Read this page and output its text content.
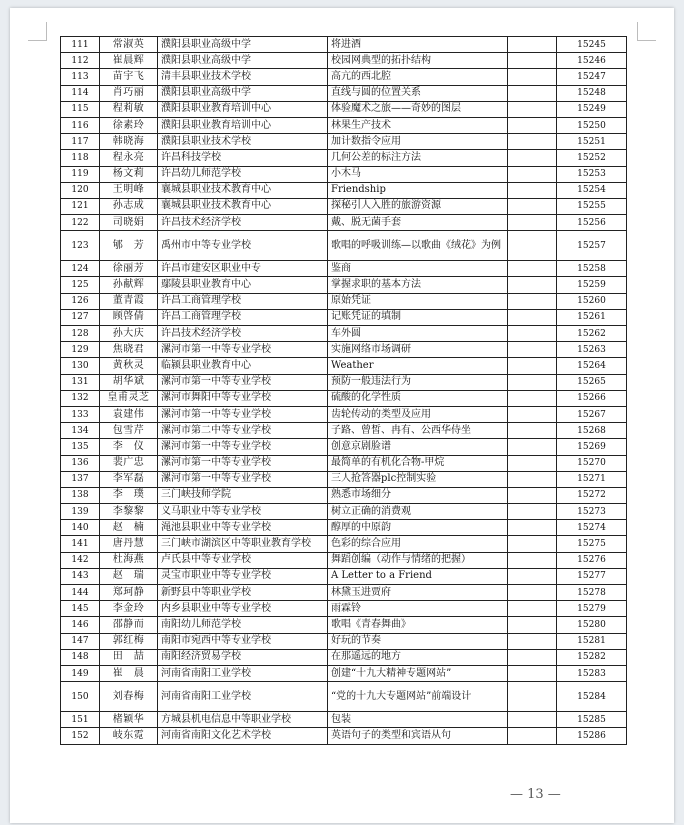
111	常淑英	濮阳县职业高级中学	将进酒		15245
112	崔晨辉	濮阳县职业高级中学	校园网典型的拓扑结构		15246
113	苗宇飞	清丰县职业技术学校	高亢的西北腔		15247
114	肖巧丽	濮阳县职业高级中学	直线与圆的位置关系		15248
115	程莉敏	濮阳县职业教育培训中心	体验魔术之旅——奇妙的图层		15249
116	徐素玲	濮阳县职业教育培训中心	林果生产技术		15250
117	韩晓海	濮阳县职业技术学校	加计数指令应用		15251
118	程永亮	许昌科技学校	几何公差的标注方法		15252
119	杨文莉	许昌幼儿师范学校	小木马		15253
120	王明峰	襄城县职业技术教育中心	Friendship		15254
121	孙志成	襄城县职业技术教育中心	探秘引人入胜的旅游资源		15255
122	司晓娟	许昌技术经济学校	戴、脱无菌手套		15256
123	郇　芳	禹州市中等专业学校	歌唱的呼吸训练—以歌曲《绒花》为例		15257
124	徐丽芳	许昌市建安区职业中专	鉴商		15258
125	孙献辉	鄢陵县职业教育中心	掌握求职的基本方法		15259
126	董青霞	许昌工商管理学校	原始凭证		15260
127	顾啓倩	许昌工商管理学校	记账凭证的填制		15261
128	孙大庆	许昌技术经济学校	车外圆		15262
129	焦晓君	漯河市第一中等专业学校	实施网络市场调研		15263
130	黄秋灵	临颍县职业教育中心	Weather		15264
131	胡华斌	漯河市第一中等专业学校	预防一般违法行为		15265
132	皇甫灵芝	漯河市舞阳中等专业学校	硫酸的化学性质		15266
133	袁建伟	漯河市第一中等专业学校	齿轮传动的类型及应用		15267
134	包雪芹	漯河市第二中等专业学校	子路、曾皙、冉有、公西华侍坐		15268
135	李　仪	漯河市第一中等专业学校	创意京剧脸谱		15269
136	裴广忠	漯河市第一中等专业学校	最简单的有机化合物-甲烷		15270
137	李军磊	漯河市第一中等专业学校	三人抢答器plc控制实验		15271
138	李　璞	三门峡技师学院	熟悉市场细分		15272
139	李黎黎	义马职业中等专业学校	树立正确的消费观		15273
140	赵　楠	渑池县职业中等专业学校	醇厚的中原韵		15274
141	唐丹慧	三门峡市湖滨区中等职业教育学校	色彩的综合应用		15275
142	杜海燕	卢氏县中等专业学校	舞蹈创编（动作与情绪的把握）		15276
143	赵　瑞	灵宝市职业中等专业学校	A Letter to a Friend		15277
144	郑珂静	新野县中等职业学校	林黛玉进贾府		15278
145	李金玲	内乡县职业中等专业学校	雨霖铃		15279
146	邵静而	南阳幼儿师范学校	歌唱《青春舞曲》		15280
147	郭红梅	南阳市宛西中等专业学校	好玩的节奏		15281
148	田　喆	南阳经济贸易学校	在那遥远的地方		15282
149	崔　晨	河南省南阳工业学校	创建“十九大精神专题网站”		15283
150	刘春梅	河南省南阳工业学校	“党的十九大专题网站”前端设计		15284
151	楮颖华	方城县机电信息中等职业学校	包装		15285
152	岐东霓	河南省南阳文化艺术学校	英语句子的类型和宾语从句		15286
— 13 —
